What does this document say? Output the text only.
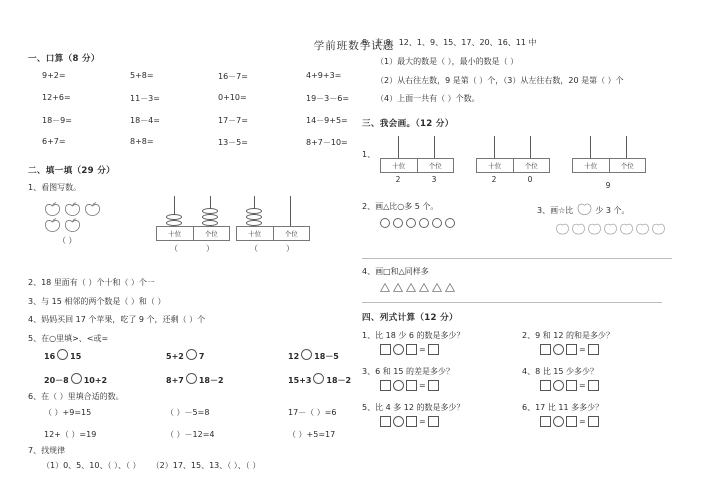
学前班数学试题
一、口算（8 分）
9+2=	5+8=	16－7=	4+9+3=
12+6=	11－3=	0+10=	19－3－6=
18－9=	18－4=	17－7=	14－9+5=
6+7=	8+8=	13－5=	8+7－10=
二、填一填（29 分）
1、看图写数。
（ ）
十位	个位
（	）
十位	个位
（	）
2、18 里面有（ ）个十和（ ）个一
3、与 15 相邻的两个数是（ ）和（ ）
4、妈妈买回 17 个苹果，吃了 9 个，还剩（ ）个
5、在○里填>、<或=
16 15	5+2 7	12 18－5
20－8 10+2	8+7 18－2	15+3 18－2
6、在（ ）里填合适的数。
（ ）+9=15	（ ）－5=8	17－（ ）=6
12+（ ）=19	（ ）－12=4	（ ）+5=17
7、找规律
（1）0、5、10、（ ）、（ ） （2）17、15、13、（ ）、（ ）
8、在 8、12、1、9、15、17、20、16、11 中
（1）最大的数是（ ），最小的数是（ ）
（2）从右往左数，9 是第（ ）个，（3）从左往右数，20 是第（ ）个
（4）上面一共有（ ）个数。
三、我会画。（12 分）
1、
十位	个位
2	3
十位	个位
2	0
十位	个位
9
2、画△比○多 5 个。	3、画☆比	少 3 个。
4、画□和△同样多
四、列式计算（12 分）
1、比 18 少 6 的数是多少？
=
2、9 和 12 的和是多少？
=
3、6 和 15 的差是多少？
=
4、8 比 15 少多少？
=
5、比 4 多 12 的数是多少？
=
6、17 比 11 多多少？
=
